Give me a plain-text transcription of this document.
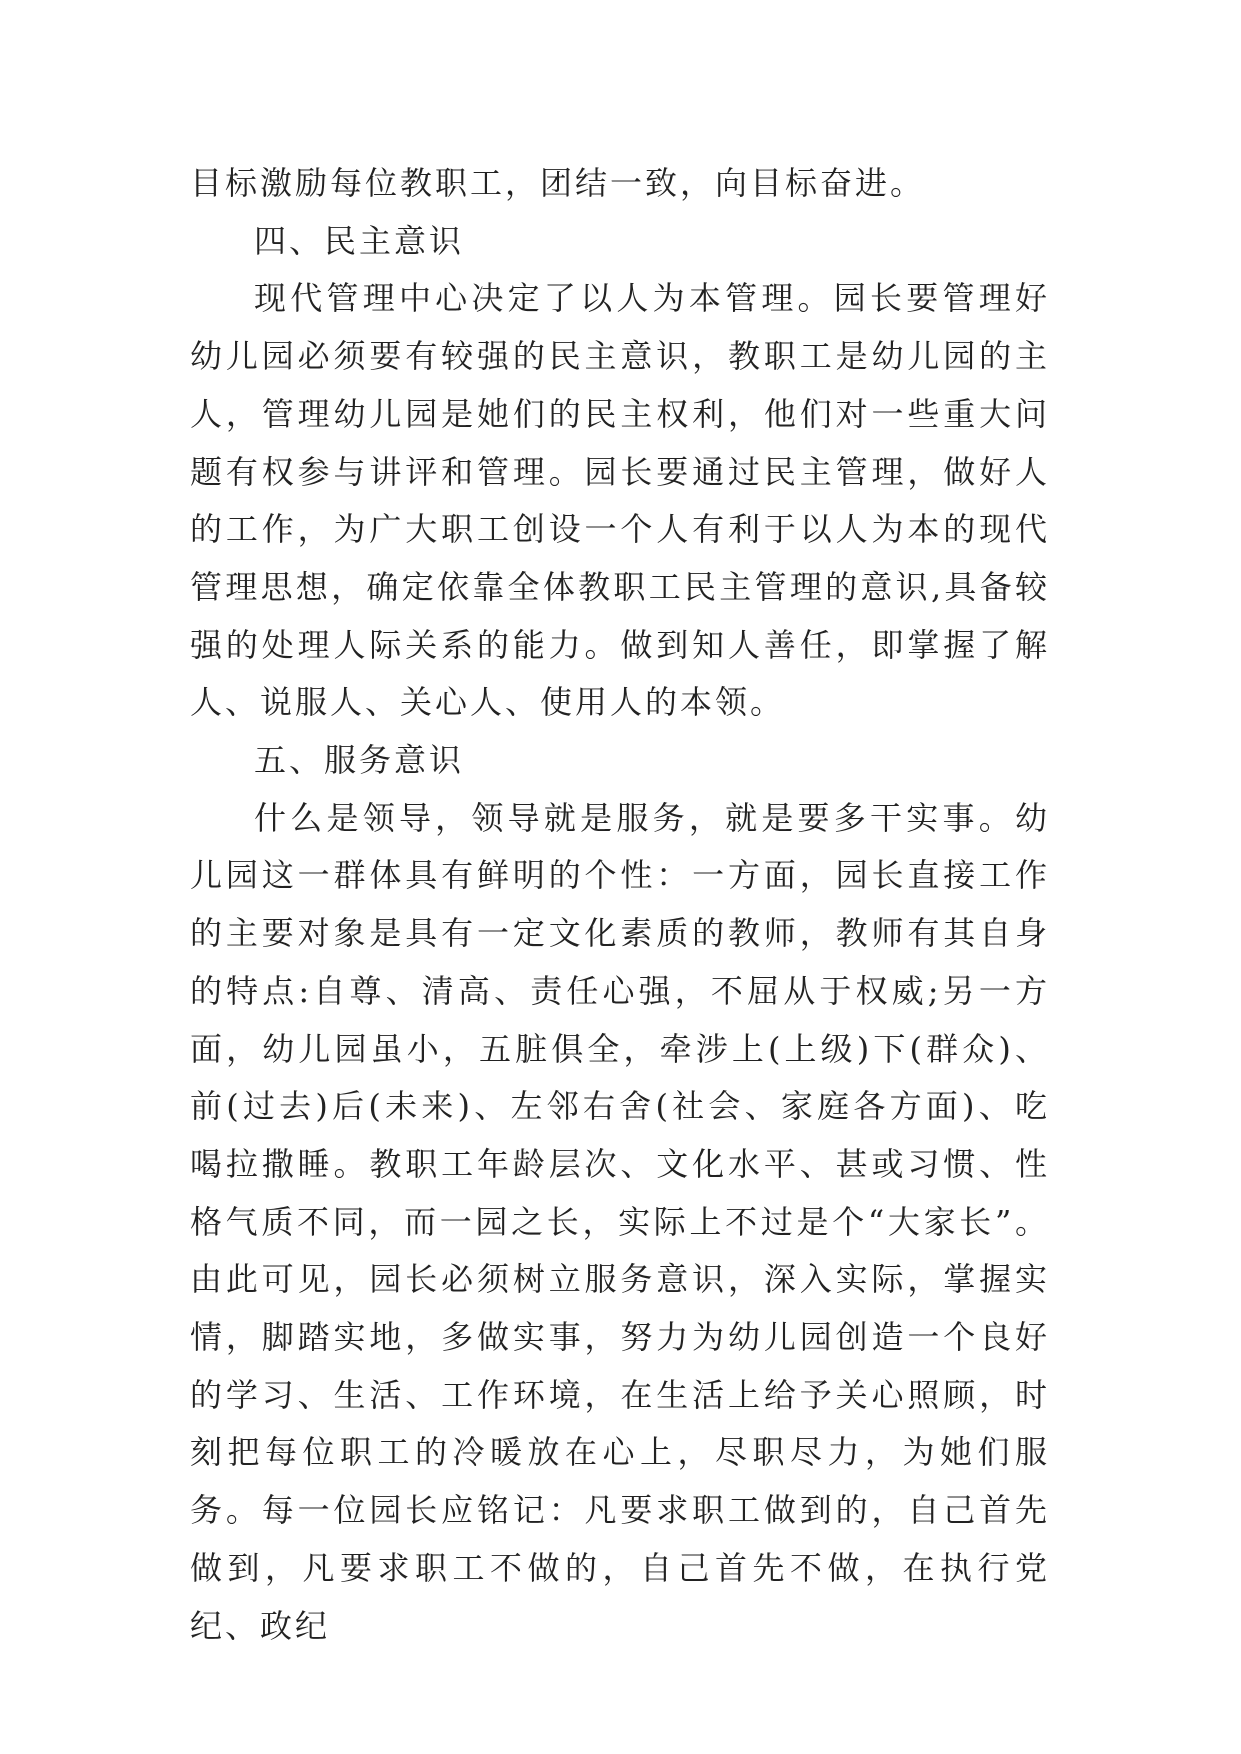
目标激励每位教职工，团结一致，向目标奋进。

四、民主意识

现代管理中心决定了以人为本管理。园长要管理好幼儿园必须要有较强的民主意识，教职工是幼儿园的主人，管理幼儿园是她们的民主权利，他们对一些重大问题有权参与讲评和管理。园长要通过民主管理，做好人的工作，为广大职工创设一个人有利于以人为本的现代管理思想，确定依靠全体教职工民主管理的意识,具备较强的处理人际关系的能力。做到知人善任，即掌握了解人、说服人、关心人、使用人的本领。

五、服务意识

什么是领导，领导就是服务，就是要多干实事。幼儿园这一群体具有鲜明的个性：一方面，园长直接工作的主要对象是具有一定文化素质的教师，教师有其自身的特点:自尊、清高、责任心强，不屈从于权威;另一方面，幼儿园虽小，五脏俱全，牵涉上(上级)下(群众)、前(过去)后(未来)、左邻右舍(社会、家庭各方面)、吃喝拉撒睡。教职工年龄层次、文化水平、甚或习惯、性格气质不同，而一园之长，实际上不过是个“大家长”。由此可见，园长必须树立服务意识，深入实际，掌握实情，脚踏实地，多做实事，努力为幼儿园创造一个良好的学习、生活、工作环境，在生活上给予关心照顾，时刻把每位职工的冷暖放在心上，尽职尽力，为她们服务。每一位园长应铭记：凡要求职工做到的，自己首先做到，凡要求职工不做的，自己首先不做，在执行党纪、政纪
